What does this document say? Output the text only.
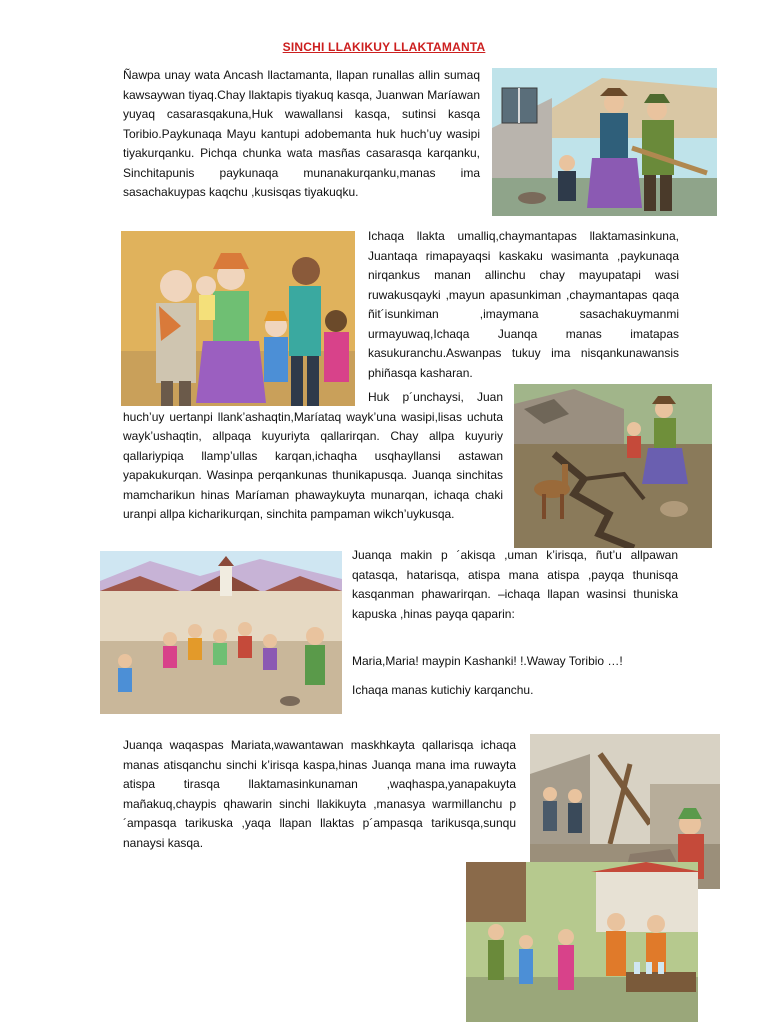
SINCHI LLAKIKUY LLAKTAMANTA

Ñawpa unay wata Ancash llactamanta, llapan runallas allin sumaq kawsaywan tiyaq.Chay llaktapis tiyakuq kasqa, Juanwan Maríawan yuyaq casarasqakuna,Huk wawallansi kasqa, sutinsi kasqa Toribio.Paykunaqa Mayu kantupi adobemanta huk huch’uy wasipi tiyakurqanku. Pichqa chunka wata masñas casarasqa karqanku, Sinchitapunis paykunaqa munanakurqanku,manas ima sasachakuypas kaqchu ,kusisqas tiyakuqku.

Ichaqa llakta umalliq,chaymantapas llaktamasinkuna, Juantaqa rimapayaqsi kaskaku wasimanta ,paykunaqa nirqankus manan allinchu chay mayupatapi wasi ruwakusqayki ,mayun apasunkiman ,chaymantapas qaqa ñit´isunkiman ,imaymana sasachakuymanmi urmayuwaq,Ichaqa Juanqa manas imatapas kasukuranchu.Aswanpas tukuy ima nisqankunawansis phiñasqa kasharan.

Huk p´unchaysi, Juan huch’uy uertanpi llank’ashaqtin,Maríataq wayk’una wasipi,lisas uchuta wayk’ushaqtin, allpaqa kuyuriyta qallarirqan. Chay allpa kuyuriy qallariypiqa llamp’ullas karqan,ichaqha usqhayllansi astawan yapakukurqan. Wasinpa perqankunas thunikapusqa. Juanqa sinchitas mamcharikun hinas Maríaman phawaykuyta munarqan, ichaqa chaki uranpi allpa kicharikurqan, sinchita pampaman wikch’uykusqa.

Juanqa makin p ´akisqa ,uman k’irisqa, ñut’u allpawan qatasqa, hatarisqa, atispa mana atispa ,payqa thunisqa kasqanman phawarirqan. –ichaqa llapan wasinsi thuniska kapuska ,hinas payqa qaparin:

Maria,Maria! maypin Kashanki! !.Waway Toribio …!

Ichaqa manas kutichiy karqanchu.

Juanqa waqaspas Mariata,wawantawan maskhkayta qallarisqa ichaqa manas atisqanchu sinchi k’irisqa kaspa,hinas Juanqa mana ima ruwayta atispa tirasqa llaktamasinkunaman ,waqhaspa,yanapakuyta mañakuq,chaypis qhawarin sinchi llakikuyta ,manasya warmillanchu p ´ampasqa tarikuska ,yaqa llapan llaktas p´ampasqa tarikusqa,sunqu nanaysi kasqa.
